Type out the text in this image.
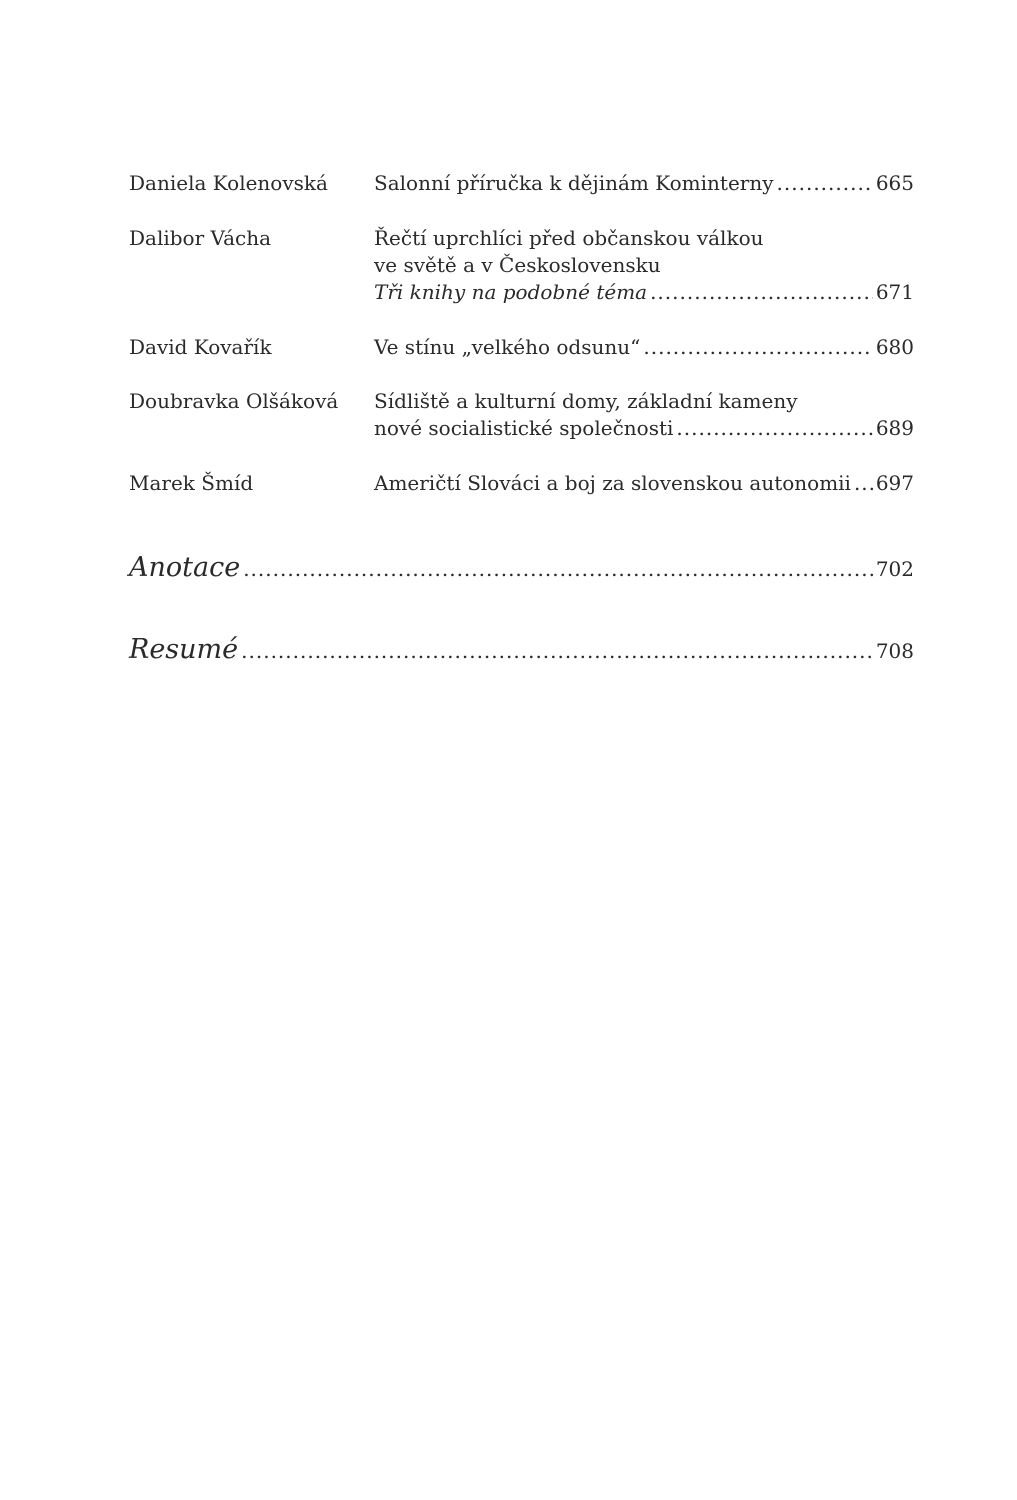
Daniela Kolenovská	Salonní příručka k dějinám Kominterny .....	665
Dalibor Vácha	Řečtí uprchlíci před občanskou válkou
ve světě a v Československu
Tři knihy na podobné téma .....	671
David Kovařík	Ve stínu „velkého odsunu“ .....	680
Doubravka Olšáková	Sídliště a kulturní domy, základní kameny
nové socialistické společnosti .....	689
Marek Šmíd	Američtí Slováci a boj za slovenskou autonomii ..... 697
Anotace .....	702
Resumé .....	708
